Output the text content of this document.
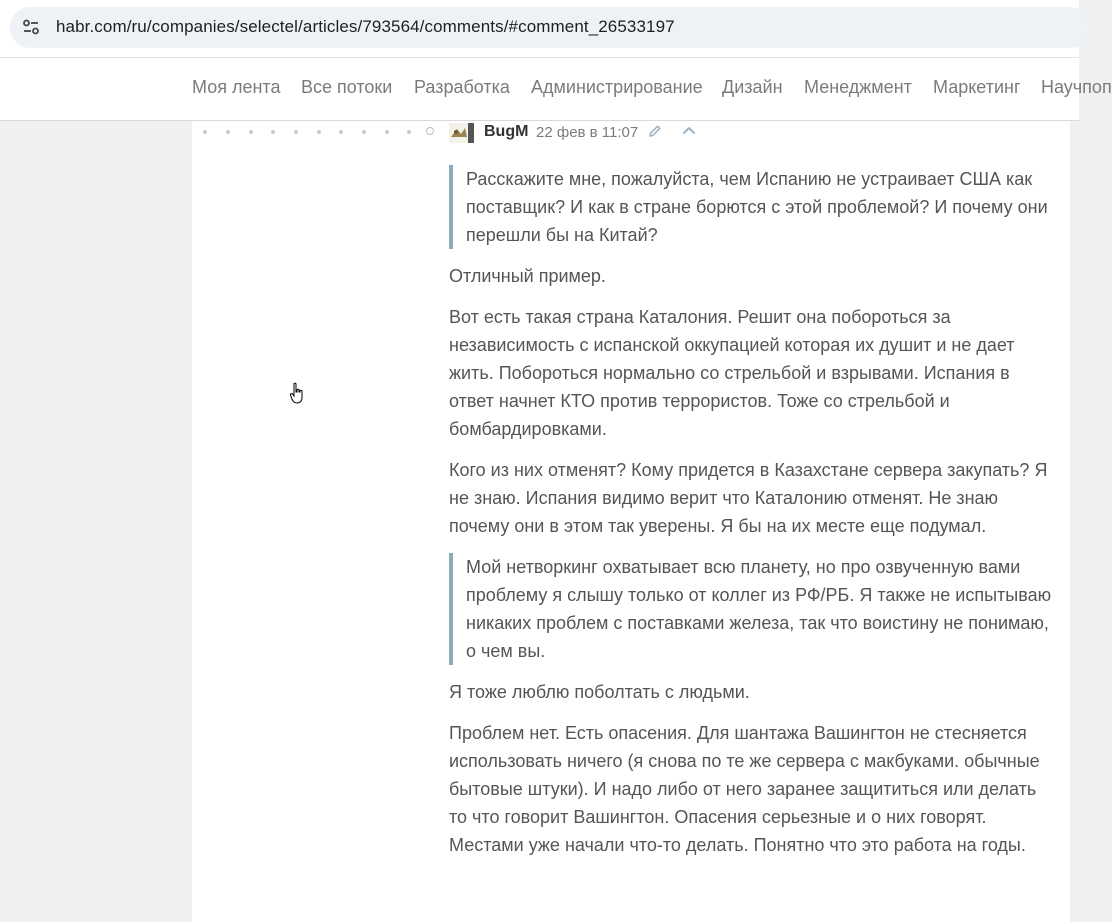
habr.com/ru/companies/selectel/articles/793564/comments/#comment_26533197
Моя лента Все потоки Разработка Администрирование Дизайн Менеджмент Маркетинг Научпоп
BugM 22 фев в 11:07
Расскажите мне, пожалуйста, чем Испанию не устраивает США как поставщик? И как в стране борются с этой проблемой? И почему они перешли бы на Китай?

Отличный пример.

Вот есть такая страна Каталония. Решит она побороться за независимость с испанской оккупацией которая их душит и не дает жить. Побороться нормально со стрельбой и взрывами. Испания в ответ начнет КТО против террористов. Тоже со стрельбой и бомбардировками.

Кого из них отменят? Кому придется в Казахстане сервера закупать? Я не знаю. Испания видимо верит что Каталонию отменят. Не знаю почему они в этом так уверены. Я бы на их месте еще подумал.

Мой нетворкинг охватывает всю планету, но про озвученную вами проблему я слышу только от коллег из РФ/РБ. Я также не испытываю никаких проблем с поставками железа, так что воистину не понимаю, о чем вы.

Я тоже люблю поболтать с людьми.

Проблем нет. Есть опасения. Для шантажа Вашингтон не стесняется использовать ничего (я снова по те же сервера с макбуками. обычные бытовые штуки). И надо либо от него заранее защититься или делать то что говорит Вашингтон. Опасения серьезные и о них говорят. Местами уже начали что-то делать. Понятно что это работа на годы.
